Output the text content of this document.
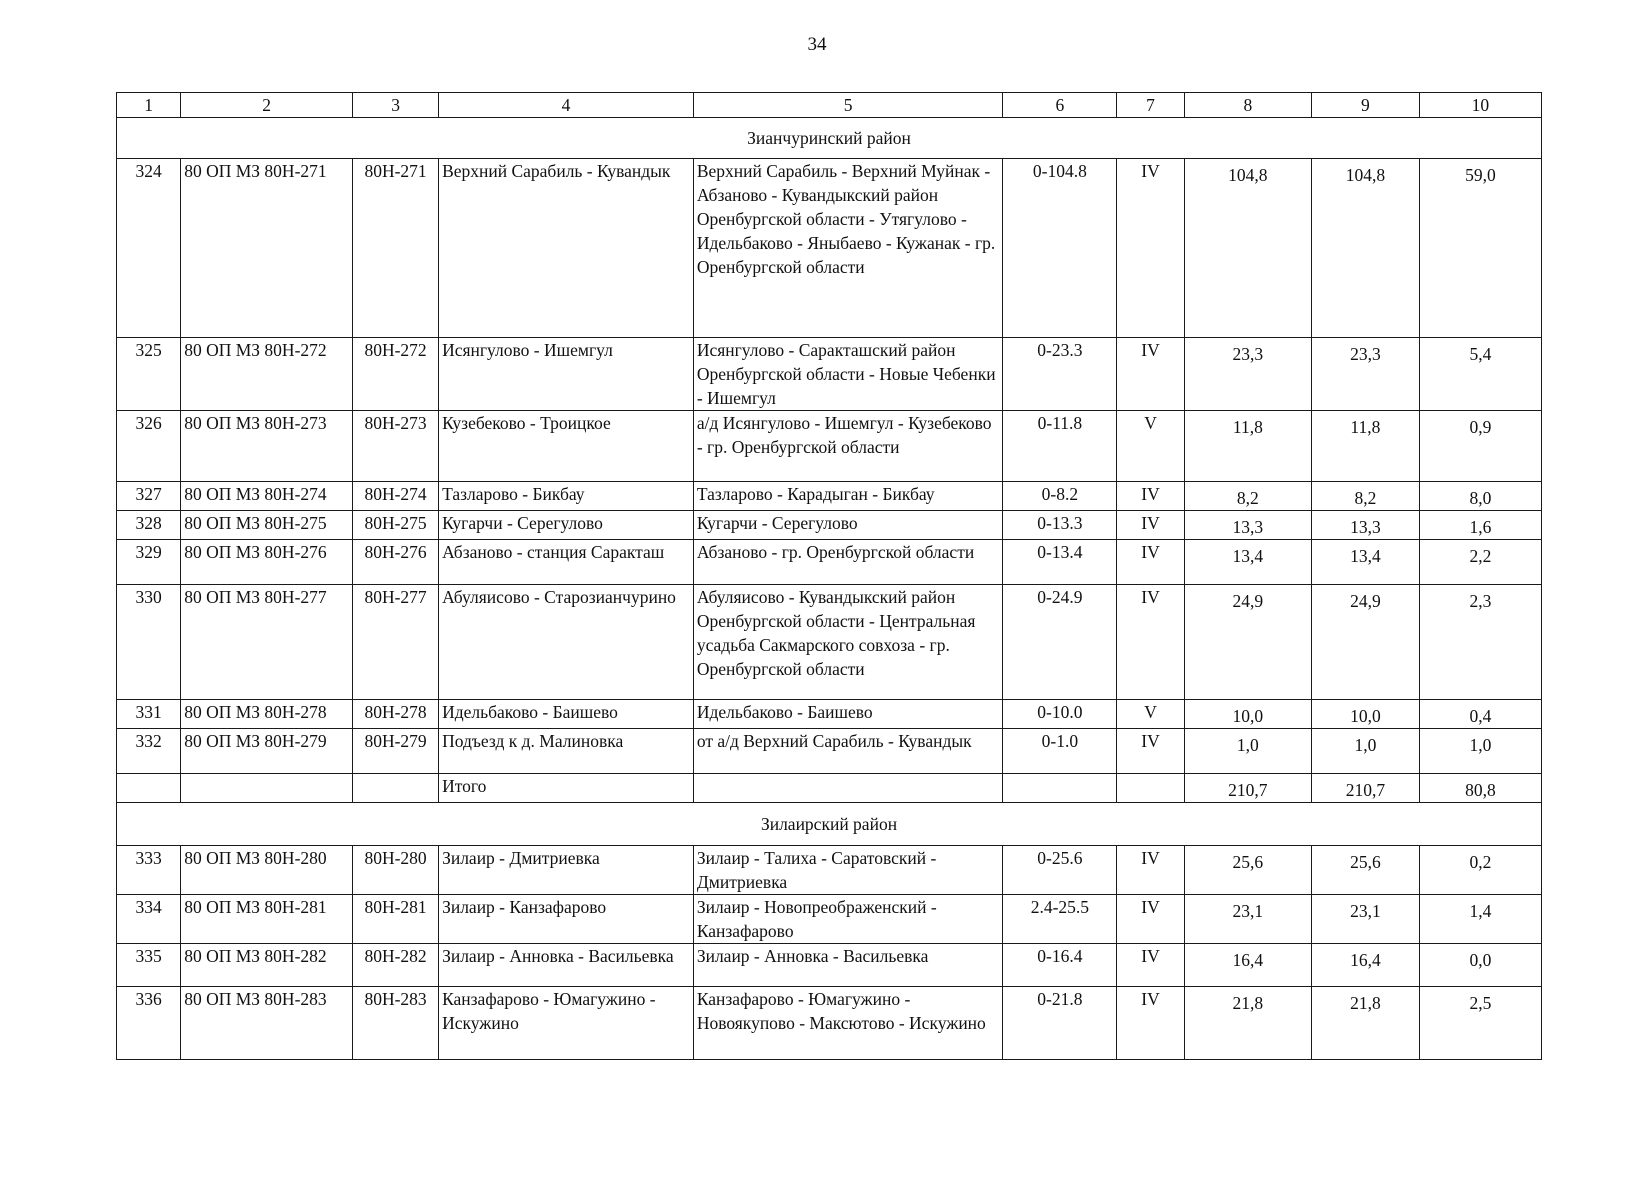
34
1	2	3	4	5	6	7	8	9	10
Зианчуринский район									
324	80 ОП МЗ 80Н-271	80Н-271	Верхний Сарабиль - Кувандык	Верхний Сарабиль - Верхний Муйнак - Абзаново - Кувандыкский район Оренбургской области - Утягулово - Идельбаково - Яныбаево - Кужанак - гр. Оренбургской области	0-104.8	IV	104,8	104,8	59,0
325	80 ОП МЗ 80Н-272	80Н-272	Исянгулово - Ишемгул	Исянгулово - Саракташский район Оренбургской области - Новые Чебенки - Ишемгул	0-23.3	IV	23,3	23,3	5,4
326	80 ОП МЗ 80Н-273	80Н-273	Кузебеково - Троицкое	а/д Исянгулово - Ишемгул - Кузебеково - гр. Оренбургской области	0-11.8	V	11,8	11,8	0,9
327	80 ОП МЗ 80Н-274	80Н-274	Тазларово - Бикбау	Тазларово - Карадыган - Бикбау	0-8.2	IV	8,2	8,2	8,0
328	80 ОП МЗ 80Н-275	80Н-275	Кугарчи - Серегулово	Кугарчи - Серегулово	0-13.3	IV	13,3	13,3	1,6
329	80 ОП МЗ 80Н-276	80Н-276	Абзаново - станция Саракташ	Абзаново - гр. Оренбургской области	0-13.4	IV	13,4	13,4	2,2
330	80 ОП МЗ 80Н-277	80Н-277	Абуляисово - Старозианчурино	Абуляисово - Кувандыкский район Оренбургской области - Центральная усадьба Сакмарского совхоза - гр. Оренбургской области	0-24.9	IV	24,9	24,9	2,3
331	80 ОП МЗ 80Н-278	80Н-278	Идельбаково - Баишево	Идельбаково - Баишево	0-10.0	V	10,0	10,0	0,4
332	80 ОП МЗ 80Н-279	80Н-279	Подъезд к д. Малиновка	от а/д Верхний Сарабиль - Кувандык	0-1.0	IV	1,0	1,0	1,0
			Итого				210,7	210,7	80,8
Зилаирский район									
333	80 ОП МЗ 80Н-280	80Н-280	Зилаир - Дмитриевка	Зилаир - Талиха - Саратовский - Дмитриевка	0-25.6	IV	25,6	25,6	0,2
334	80 ОП МЗ 80Н-281	80Н-281	Зилаир - Канзафарово	Зилаир - Новопреображенский - Канзафарово	2.4-25.5	IV	23,1	23,1	1,4
335	80 ОП МЗ 80Н-282	80Н-282	Зилаир - Анновка - Васильевка	Зилаир - Анновка - Васильевка	0-16.4	IV	16,4	16,4	0,0
336	80 ОП МЗ 80Н-283	80Н-283	Канзафарово - Юмагужино - Искужино	Канзафарово - Юмагужино - Новоякупово - Максютово - Искужино	0-21.8	IV	21,8	21,8	2,5
